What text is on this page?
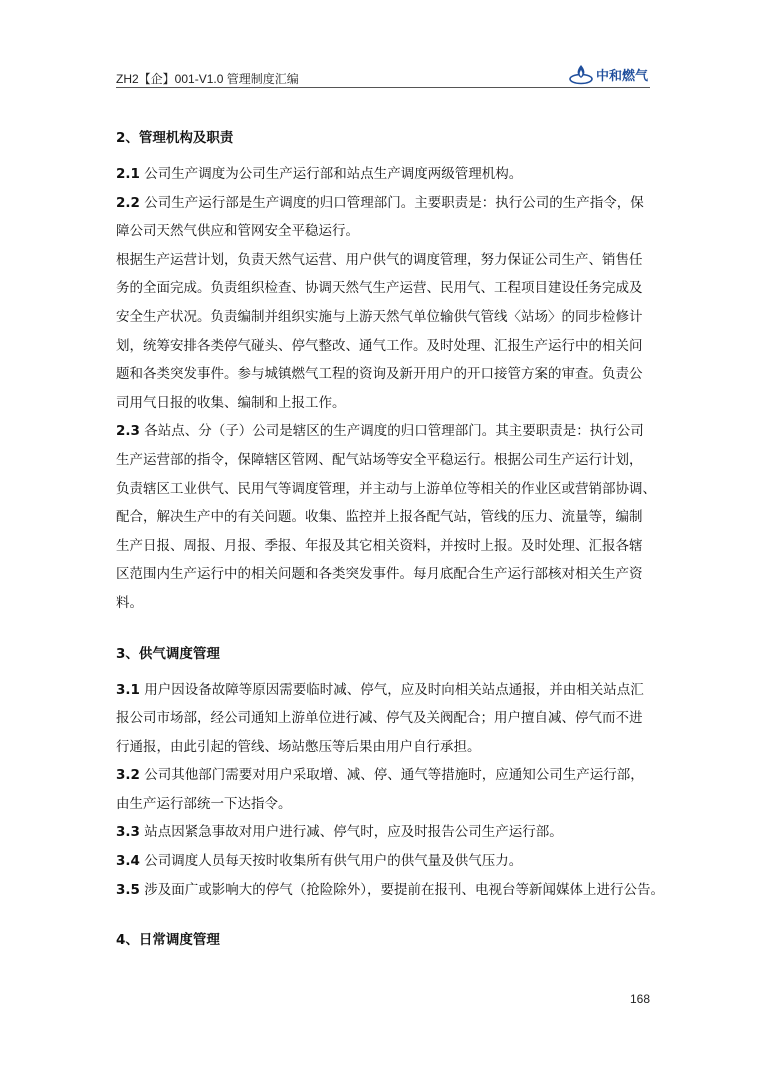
ZH2【企】001-V1.0 管理制度汇编	中和燃气
2、管理机构及职责
2.1 公司生产调度为公司生产运行部和站点生产调度两级管理机构。
2.2 公司生产运行部是生产调度的归口管理部门。主要职责是：执行公司的生产指令，保
障公司天然气供应和管网安全平稳运行。
根据生产运营计划，负责天然气运营、用户供气的调度管理，努力保证公司生产、销售任
务的全面完成。负责组织检查、协调天然气生产运营、民用气、工程项目建设任务完成及
安全生产状况。负责编制并组织实施与上游天然气单位输供气管线〈站场〉的同步检修计
划，统筹安排各类停气碰头、停气整改、通气工作。及时处理、汇报生产运行中的相关问
题和各类突发事件。参与城镇燃气工程的资询及新开用户的开口接管方案的审查。负责公
司用气日报的收集、编制和上报工作。
2.3 各站点、分（子）公司是辖区的生产调度的归口管理部门。其主要职责是：执行公司
生产运营部的指令，保障辖区管网、配气站场等安全平稳运行。根据公司生产运行计划，
负责辖区工业供气、民用气等调度管理，并主动与上游单位等相关的作业区或营销部协调、
配合，解决生产中的有关问题。收集、监控并上报各配气站，管线的压力、流量等，编制
生产日报、周报、月报、季报、年报及其它相关资料，并按时上报。及时处理、汇报各辖
区范围内生产运行中的相关问题和各类突发事件。每月底配合生产运行部核对相关生产资
料。
3、供气调度管理
3.1 用户因设备故障等原因需要临时减、停气，应及时向相关站点通报，并由相关站点汇
报公司市场部，经公司通知上游单位进行减、停气及关阀配合；用户擅自减、停气而不进
行通报，由此引起的管线、场站憋压等后果由用户自行承担。
3.2 公司其他部门需要对用户采取增、减、停、通气等措施时，应通知公司生产运行部，
由生产运行部统一下达指令。
3.3 站点因紧急事故对用户进行减、停气时，应及时报告公司生产运行部。
3.4 公司调度人员每天按时收集所有供气用户的供气量及供气压力。
3.5 涉及面广或影响大的停气（抢险除外），要提前在报刊、电视台等新闻媒体上进行公告。
4、日常调度管理
168
